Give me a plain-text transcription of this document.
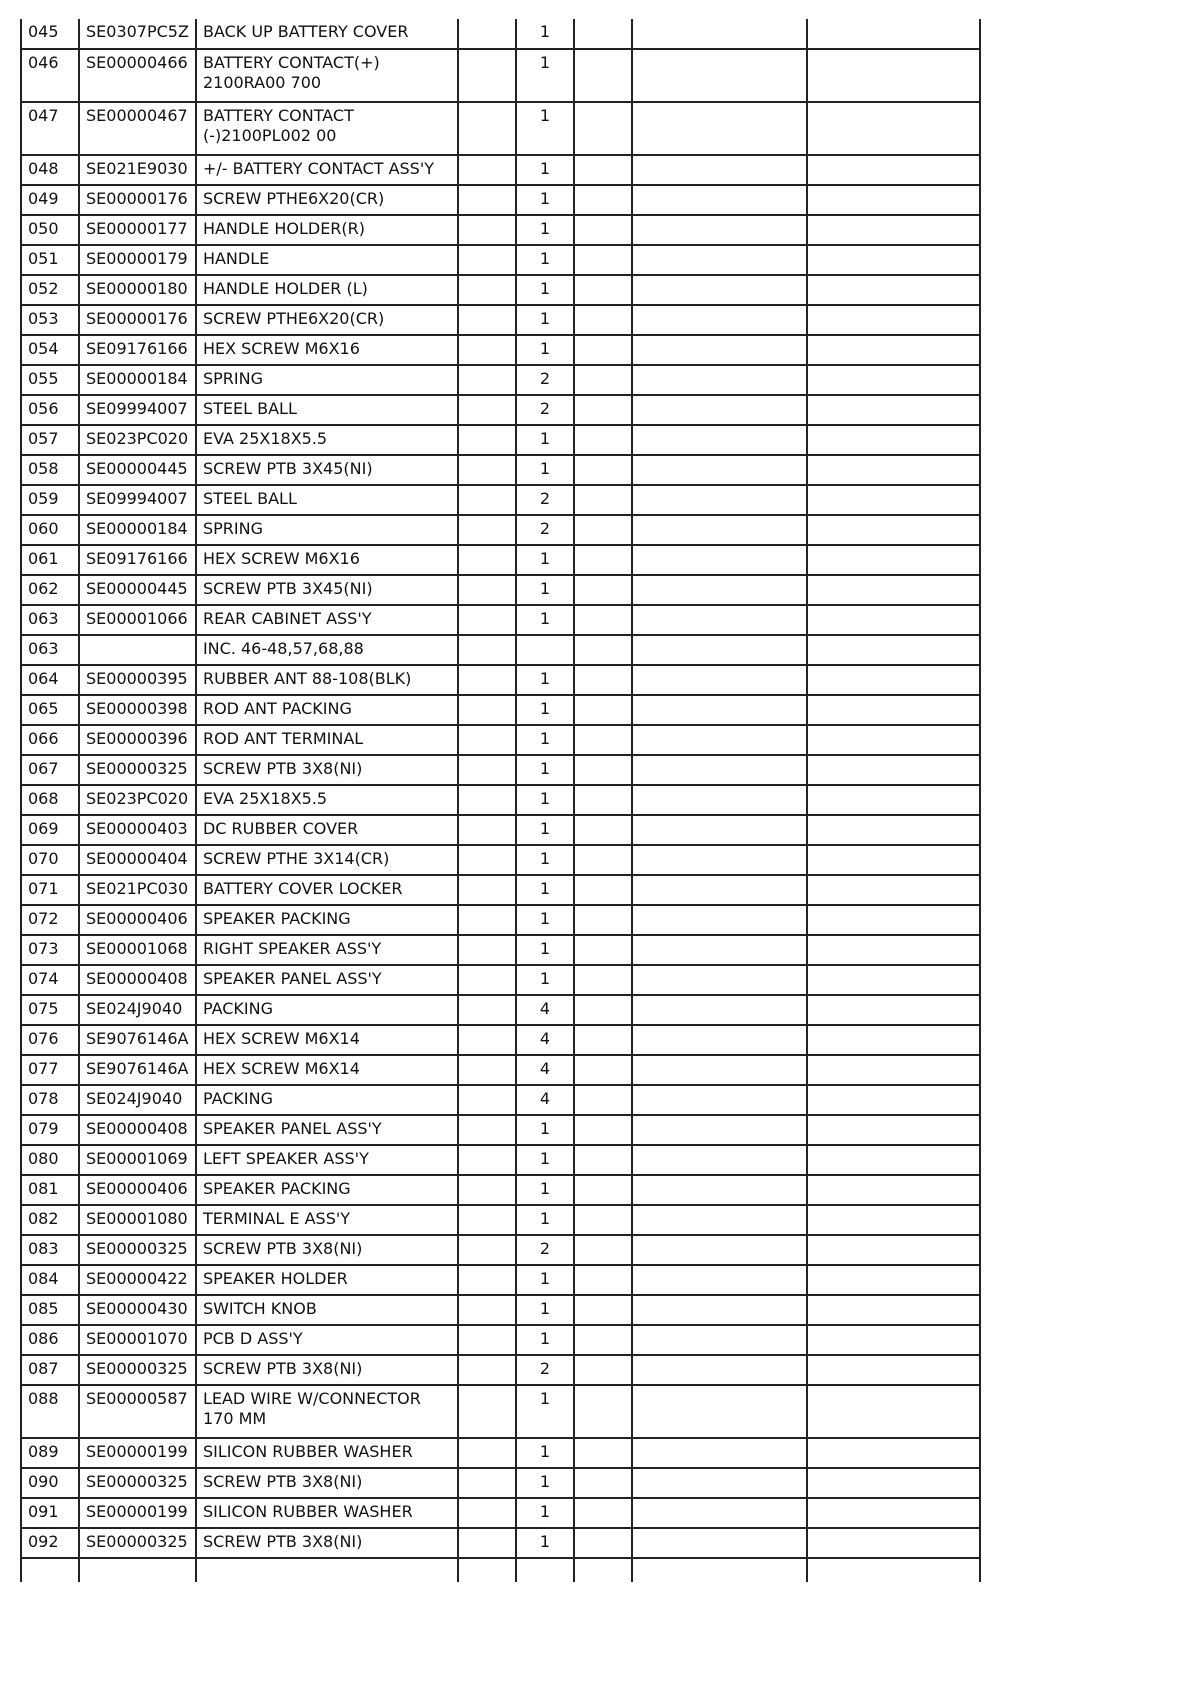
045	SE0307PC5Z	BACK UP BATTERY COVER		1			
046	SE00000466	BATTERY CONTACT(+) 2100RA00 700		1			
047	SE00000467	BATTERY CONTACT (-)2100PL002 00		1			
048	SE021E9030	+/- BATTERY CONTACT ASS'Y		1			
049	SE00000176	SCREW PTHE6X20(CR)		1			
050	SE00000177	HANDLE HOLDER(R)		1			
051	SE00000179	HANDLE		1			
052	SE00000180	HANDLE HOLDER (L)		1			
053	SE00000176	SCREW PTHE6X20(CR)		1			
054	SE09176166	HEX SCREW M6X16		1			
055	SE00000184	SPRING		2			
056	SE09994007	STEEL BALL		2			
057	SE023PC020	EVA 25X18X5.5		1			
058	SE00000445	SCREW PTB 3X45(NI)		1			
059	SE09994007	STEEL BALL		2			
060	SE00000184	SPRING		2			
061	SE09176166	HEX SCREW M6X16		1			
062	SE00000445	SCREW PTB 3X45(NI)		1			
063	SE00001066	REAR CABINET ASS'Y		1			
063		INC. 46-48,57,68,88					
064	SE00000395	RUBBER ANT 88-108(BLK)		1			
065	SE00000398	ROD ANT PACKING		1			
066	SE00000396	ROD ANT TERMINAL		1			
067	SE00000325	SCREW PTB 3X8(NI)		1			
068	SE023PC020	EVA 25X18X5.5		1			
069	SE00000403	DC RUBBER COVER		1			
070	SE00000404	SCREW PTHE 3X14(CR)		1			
071	SE021PC030	BATTERY COVER LOCKER		1			
072	SE00000406	SPEAKER PACKING		1			
073	SE00001068	RIGHT SPEAKER ASS'Y		1			
074	SE00000408	SPEAKER PANEL ASS'Y		1			
075	SE024J9040	PACKING		4			
076	SE9076146A	HEX SCREW M6X14		4			
077	SE9076146A	HEX SCREW M6X14		4			
078	SE024J9040	PACKING		4			
079	SE00000408	SPEAKER PANEL ASS'Y		1			
080	SE00001069	LEFT SPEAKER ASS'Y		1			
081	SE00000406	SPEAKER PACKING		1			
082	SE00001080	TERMINAL E ASS'Y		1			
083	SE00000325	SCREW PTB 3X8(NI)		2			
084	SE00000422	SPEAKER HOLDER		1			
085	SE00000430	SWITCH KNOB		1			
086	SE00001070	PCB D ASS'Y		1			
087	SE00000325	SCREW PTB 3X8(NI)		2			
088	SE00000587	LEAD WIRE W/CONNECTOR 170 MM		1			
089	SE00000199	SILICON RUBBER WASHER		1			
090	SE00000325	SCREW PTB 3X8(NI)		1			
091	SE00000199	SILICON RUBBER WASHER		1			
092	SE00000325	SCREW PTB 3X8(NI)		1			
